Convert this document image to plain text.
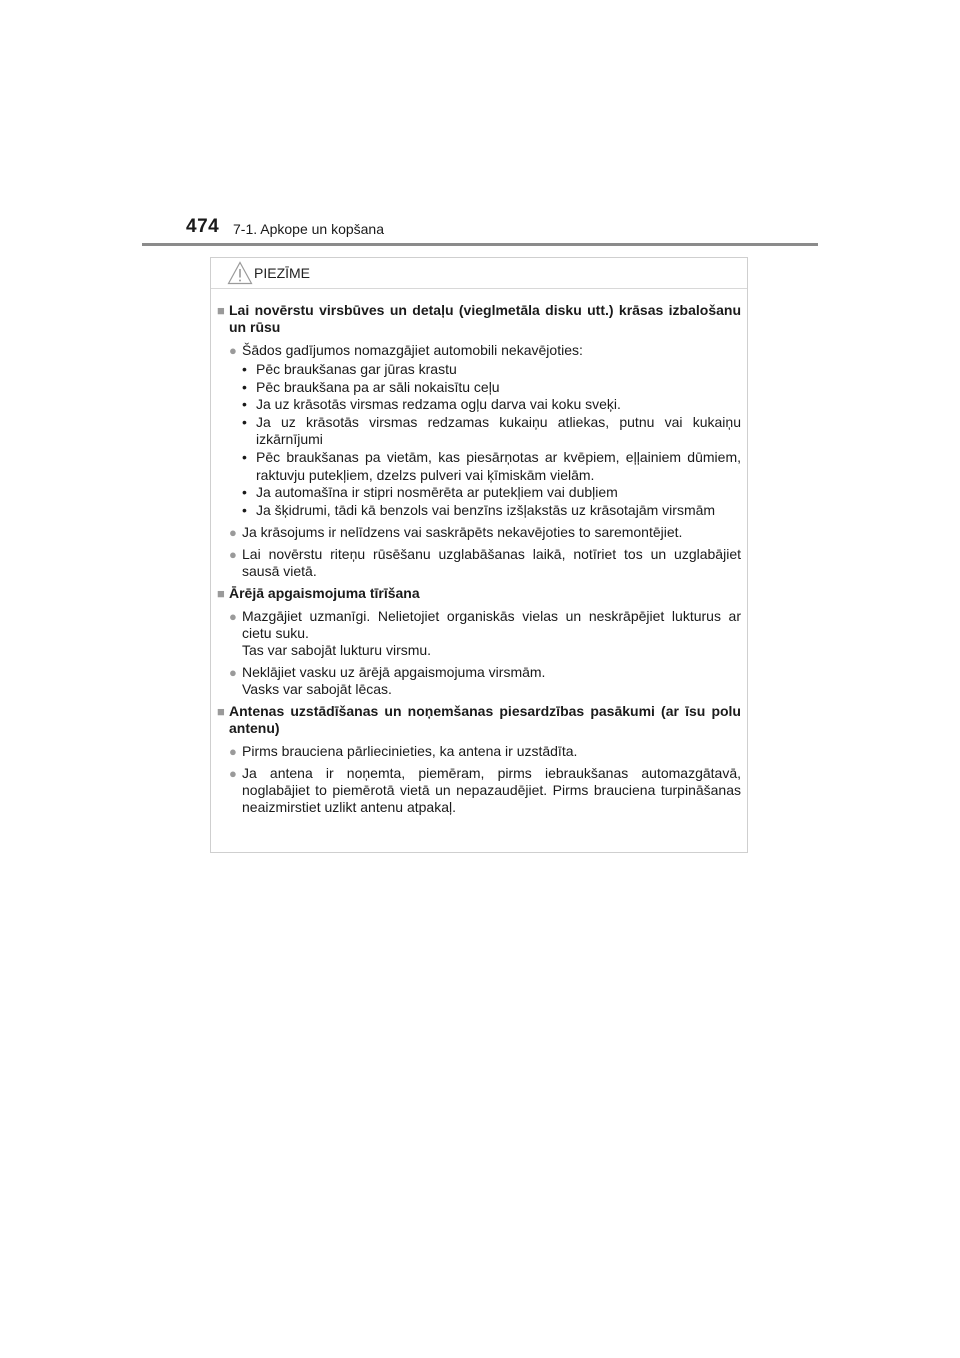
474 7-1. Apkope un kopšana
PIEZĪME
■ Lai novērstu virsbūves un detaļu (vieglmetāla disku utt.) krāsas izbalošanu un rūsu
● Šādos gadījumos nomazgājiet automobili nekavējoties:
• Pēc braukšanas gar jūras krastu
• Pēc braukšana pa ar sāli nokaisītu ceļu
• Ja uz krāsotās virsmas redzama ogļu darva vai koku sveķi.
• Ja uz krāsotās virsmas redzamas kukaiņu atliekas, putnu vai kukaiņu izkārnījumi
• Pēc braukšanas pa vietām, kas piesārņotas ar kvēpiem, eļļainiem dūmiem, raktuvju putekļiem, dzelzs pulveri vai ķīmiskām vielām.
• Ja automašīna ir stipri nosmērēta ar putekļiem vai dubļiem
• Ja šķidrumi, tādi kā benzols vai benzīns izšļakstās uz krāsotajām virsmām
● Ja krāsojums ir nelīdzens vai saskrāpēts nekavējoties to saremontējiet.
● Lai novērstu riteņu rūsēšanu uzglabāšanas laikā, notīriet tos un uzglabājiet sausā vietā.
■ Ārējā apgaismojuma tīrīšana
● Mazgājiet uzmanīgi. Nelietojiet organiskās vielas un neskrāpējiet lukturus ar cietu suku.
Tas var sabojāt lukturu virsmu.
● Neklājiet vasku uz ārējā apgaismojuma virsmām.
Vasks var sabojāt lēcas.
■ Antenas uzstādīšanas un noņemšanas piesardzības pasākumi (ar īsu polu antenu)
● Pirms brauciena pārliecinieties, ka antena ir uzstādīta.
● Ja antena ir noņemta, piemēram, pirms iebraukšanas automazgātavā, noglabājiet to piemērotā vietā un nepazaudējiet. Pirms brauciena turpināšanas neaizmirstiet uzlikt antenu atpakaļ.
